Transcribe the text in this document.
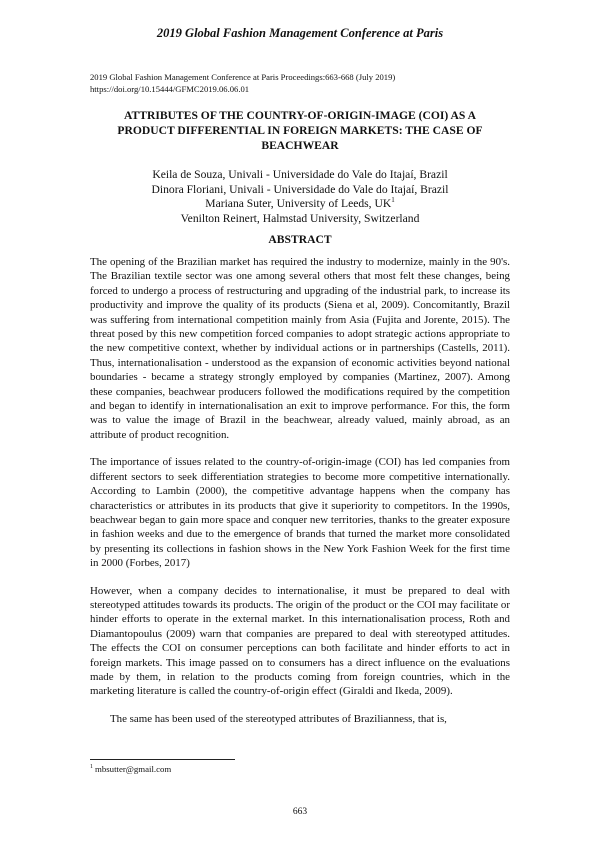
2019 Global Fashion Management Conference at Paris
2019 Global Fashion Management Conference at Paris Proceedings:663-668 (July 2019)
https://doi.org/10.15444/GFMC2019.06.06.01
ATTRIBUTES OF THE COUNTRY-OF-ORIGIN-IMAGE (COI) AS A PRODUCT DIFFERENTIAL IN FOREIGN MARKETS: THE CASE OF BEACHWEAR
Keila de Souza, Univali - Universidade do Vale do Itajaí, Brazil
Dinora Floriani, Univali - Universidade do Vale do Itajaí, Brazil
Mariana Suter, University of Leeds, $UK^1$
Venilton Reinert, Halmstad University, Switzerland
ABSTRACT

The opening of the Brazilian market has required the industry to modernize, mainly in the 90's. The Brazilian textile sector was one among several others that most felt these changes, being forced to undergo a process of restructuring and upgrading of the industrial park, to increase its productivity and improve the quality of its products (Siena et al, 2009). Concomitantly, Brazil was suffering from international competition mainly from Asia (Fujita and Jorente, 2015). The threat posed by this new competition forced companies to adopt strategic actions appropriate to the new competitive context, whether by individual actions or in partnerships (Castells, 2011). Thus, internationalisation - understood as the expansion of economic activities beyond national boundaries - became a strategy strongly employed by companies (Martinez, 2007). Among these companies, beachwear producers followed the modifications required by the competition and began to identify in internationalisation an exit to improve performance. For this, the form was to value the image of Brazil in the beachwear, already valued, mainly abroad, as an attribute of product recognition.

The importance of issues related to the country-of-origin-image (COI) has led companies from different sectors to seek differentiation strategies to become more competitive internationally. According to Lambin (2000), the competitive advantage happens when the company has characteristics or attributes in its products that give it superiority to competitors. In the 1990s, beachwear began to gain more space and conquer new territories, thanks to the greater exposure in fashion weeks and due to the emergence of brands that turned the market more consolidated by presenting its collections in fashion shows in the New York Fashion Week for the first time in 2000 (Forbes, 2017)

However, when a company decides to internationalise, it must be prepared to deal with stereotyped attitudes towards its products. The origin of the product or the COI may facilitate or hinder efforts to operate in the external market. In this internationalisation process, Roth and Diamantopoulus (2009) warn that companies are prepared to deal with stereotyped attitudes. The effects the COI on consumer perceptions can both facilitate and hinder efforts to act in foreign markets. This image passed on to consumers has a direct influence on the evaluations made by them, in relation to the products coming from foreign countries, which in the marketing literature is called the country-of-origin effect (Giraldi and Ikeda, 2009).

The same has been used of the stereotyped attributes of Brazilianness, that is,

$^1$ mbsutter@gmail.com
663
